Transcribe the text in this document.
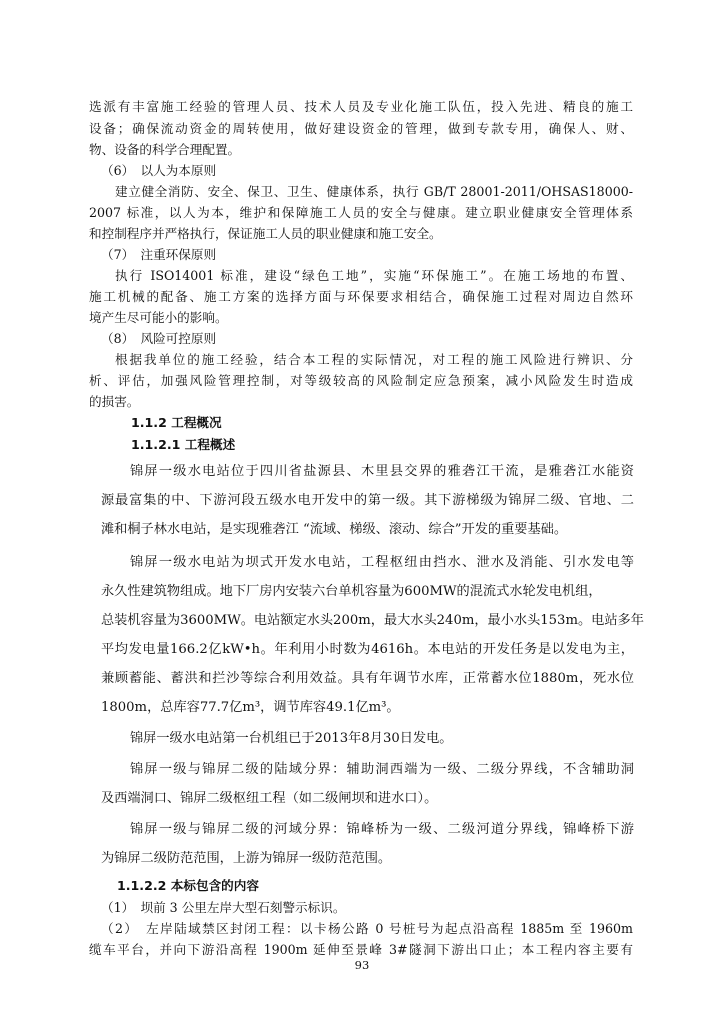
选派有丰富施工经验的管理人员、技术人员及专业化施工队伍，投入先进、精良的施工
设备；确保流动资金的周转使用，做好建设资金的管理，做到专款专用，确保人、财、
物、设备的科学合理配置。
（6）　以人为本原则
建立健全消防、安全、保卫、卫生、健康体系，执行 GB/T 28001-2011/OHSAS18000-
2007 标准，以人为本，维护和保障施工人员的安全与健康。建立职业健康安全管理体系
和控制程序并严格执行，保证施工人员的职业健康和施工安全。
（7）　注重环保原则
执行 ISO14001 标准，建设“绿色工地”，实施“环保施工”。在施工场地的布置、
施工机械的配备、施工方案的选择方面与环保要求相结合，确保施工过程对周边自然环
境产生尽可能小的影响。
（8）　风险可控原则
根据我单位的施工经验，结合本工程的实际情况，对工程的施工风险进行辨识、分
析、评估，加强风险管理控制，对等级较高的风险制定应急预案，减小风险发生时造成
的损害。
1.1.2 工程概况
1.1.2.1 工程概述
锦屏一级水电站位于四川省盐源县、木里县交界的雅砻江干流，是雅砻江水能资
源最富集的中、下游河段五级水电开发中的第一级。其下游梯级为锦屏二级、官地、二
滩和桐子林水电站，是实现雅砻江 “流域、梯级、滚动、综合”开发的重要基础。
锦屏一级水电站为坝式开发水电站，工程枢纽由挡水、泄水及消能、引水发电等
永久性建筑物组成。地下厂房内安装六台单机容量为600MW的混流式水轮发电机组，
总装机容量为3600MW。电站额定水头200m，最大水头240m，最小水头153m。电站多年
平均发电量166.2亿kW•h。年利用小时数为4616h。本电站的开发任务是以发电为主，
兼顾蓄能、蓄洪和拦沙等综合利用效益。具有年调节水库，正常蓄水位1880m，死水位
1800m，总库容77.7亿m³，调节库容49.1亿m³。
锦屏一级水电站第一台机组已于2013年8月30日发电。
锦屏一级与锦屏二级的陆域分界：辅助洞西端为一级、二级分界线，不含辅助洞
及西端洞口、锦屏二级枢纽工程（如二级闸坝和进水口）。
锦屏一级与锦屏二级的河域分界：锦峰桥为一级、二级河道分界线，锦峰桥下游
为锦屏二级防范范围，上游为锦屏一级防范范围。
1.1.2.2 本标包含的内容
（1）　坝前 3 公里左岸大型石刻警示标识。
（2）　左岸陆域禁区封闭工程：以卡杨公路 0 号桩号为起点沿高程 1885m 至 1960m
缆车平台，并向下游沿高程 1900m 延伸至景峰 3#隧洞下游出口止；本工程内容主要有
93
